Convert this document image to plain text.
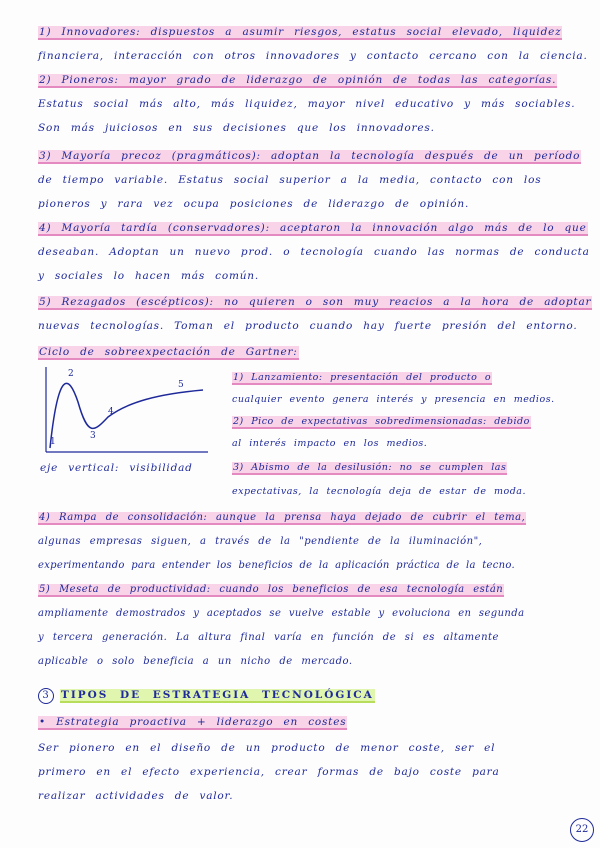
1) Innovadores: dispuestos a asumir riesgos, estatus social elevado, liquidez
financiera, interacción con otros innovadores y contacto cercano con la ciencia.
2) Pioneros: mayor grado de liderazgo de opinión de todas las categorías.
Estatus social más alto, más liquidez, mayor nivel educativo y más sociables.
Son más juiciosos en sus decisiones que los innovadores.
3) Mayoría precoz (pragmáticos): adoptan la tecnología después de un período
de tiempo variable. Estatus social superior a la media, contacto con los
pioneros y rara vez ocupa posiciones de liderazgo de opinión.
4) Mayoría tardía (conservadores): aceptaron la innovación algo más de lo que
deseaban. Adoptan un nuevo prod. o tecnología cuando las normas de conducta
y sociales lo hacen más común.
5) Rezagados (escépticos): no quieren o son muy reacios a la hora de adoptar
nuevas tecnologías. Toman el producto cuando hay fuerte presión del entorno.
Ciclo de sobreexpectación de Gartner:
1
2
3
4
5
eje vertical: visibilidad
1) Lanzamiento: presentación del producto o
cualquier evento genera interés y presencia en medios.
2) Pico de expectativas sobredimensionadas: debido
al interés impacto en los medios.
3) Abismo de la desilusión: no se cumplen las
expectativas, la tecnología deja de estar de moda.
4) Rampa de consolidación: aunque la prensa haya dejado de cubrir el tema,
algunas empresas siguen, a través de la "pendiente de la iluminación",
experimentando para entender los beneficios de la aplicación práctica de la tecno.
5) Meseta de productividad: cuando los beneficios de esa tecnología están
ampliamente demostrados y aceptados se vuelve estable y evoluciona en segunda
y tercera generación. La altura final varía en función de si es altamente
aplicable o solo beneficia a un nicho de mercado.
3 TIPOS DE ESTRATEGIA TECNOLÓGICA
• Estrategia proactiva + liderazgo en costes
Ser pionero en el diseño de un producto de menor coste, ser el
primero en el efecto experiencia, crear formas de bajo coste para
realizar actividades de valor.
22
